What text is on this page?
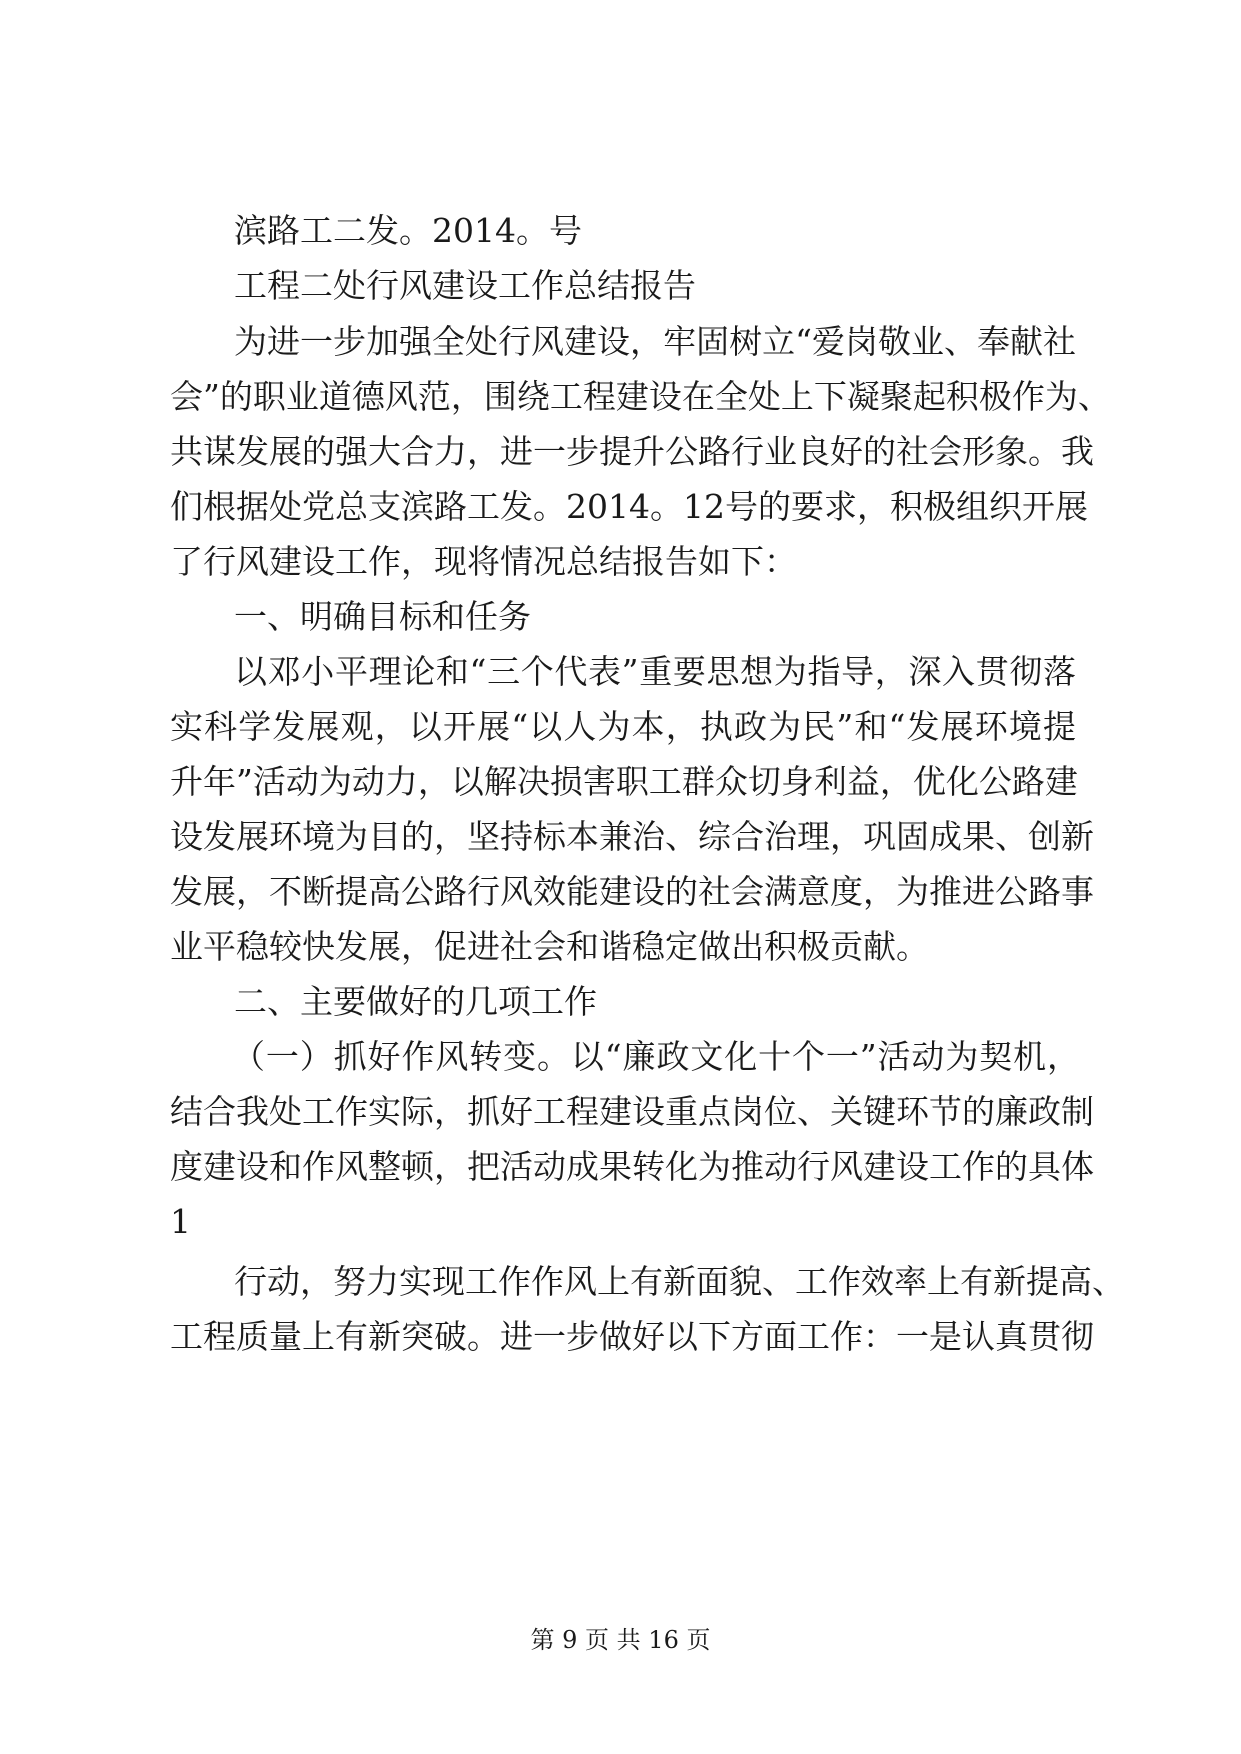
滨路工二发。2014。号
工程二处行风建设工作总结报告
为进一步加强全处行风建设，牢固树立“爱岗敬业、奉献社
会”的职业道德风范，围绕工程建设在全处上下凝聚起积极作为、
共谋发展的强大合力，进一步提升公路行业良好的社会形象。我
们根据处党总支滨路工发。2014。12号的要求，积极组织开展
了行风建设工作，现将情况总结报告如下：
一、明确目标和任务
以邓小平理论和“三个代表”重要思想为指导，深入贯彻落
实科学发展观，以开展“以人为本，执政为民”和“发展环境提
升年”活动为动力，以解决损害职工群众切身利益，优化公路建
设发展环境为目的，坚持标本兼治、综合治理，巩固成果、创新
发展，不断提高公路行风效能建设的社会满意度，为推进公路事
业平稳较快发展，促进社会和谐稳定做出积极贡献。
二、主要做好的几项工作
（一）抓好作风转变。以“廉政文化十个一”活动为契机，
结合我处工作实际，抓好工程建设重点岗位、关键环节的廉政制
度建设和作风整顿，把活动成果转化为推动行风建设工作的具体
1
行动，努力实现工作作风上有新面貌、工作效率上有新提高、
工程质量上有新突破。进一步做好以下方面工作：一是认真贯彻
第 9 页 共 16 页
